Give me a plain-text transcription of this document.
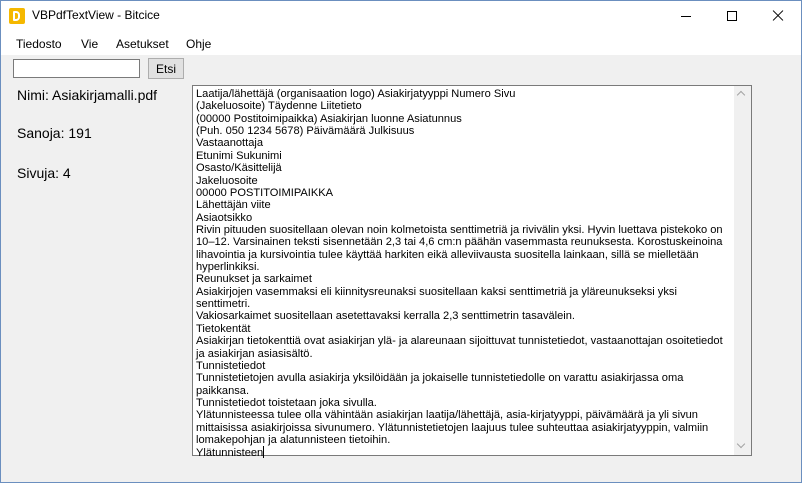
VBPdfTextView - Bitcice
Tiedosto Vie Asetukset Ohje
Etsi
Nimi: Asiakirjamalli.pdf
Sanoja: 191
Sivuja: 4
Laatija/lähettäjä (organisaation logo) Asiakirjatyyppi Numero Sivu
(Jakeluosoite) Täydenne Liitetieto
(00000 Postitoimipaikka) Asiakirjan luonne Asiatunnus
(Puh. 050 1234 5678) Päivämäärä Julkisuus
Vastaanottaja
Etunimi Sukunimi
Osasto/Käsittelijä
Jakeluosoite
00000 POSTITOIMIPAIKKA
Lähettäjän viite
Asiaotsikko
Rivin pituuden suositellaan olevan noin kolmetoista senttimetriä ja rivivälin yksi. Hyvin luettava pistekoko on 10–12. Varsinainen teksti sisennetään 2,3 tai 4,6 cm:n päähän vasemmasta reunuksesta. Korostuskeinoina lihavointia ja kursivointia tulee käyttää harkiten eikä alleviivausta suositella lainkaan, sillä se mielletään hyperlinkiksi.
Reunukset ja sarkaimet
Asiakirjojen vasemmaksi eli kiinnitysreunaksi suositellaan kaksi senttimetriä ja yläreunukseksi yksi senttimetri.
Vakiosarkaimet suositellaan asetettavaksi kerralla 2,3 senttimetrin tasavälein.
Tietokentät
Asiakirjan tietokenttiä ovat asiakirjan ylä- ja alareunaan sijoittuvat tunnistetiedot, vastaanottajan osoitetiedot ja asiakirjan asiasisältö.
Tunnistetiedot
Tunnistetietojen avulla asiakirja yksilöidään ja jokaiselle tunnistetiedolle on varattu asiakirjassa oma paikkansa.
Tunnistetiedot toistetaan joka sivulla.
Ylätunnisteessa tulee olla vähintään asiakirjan laatija/lähettäjä, asia-kirjatyyppi, päivämäärä ja yli sivun mittaisissa asiakirjoissa sivunumero. Ylätunnistetietojen laajuus tulee suhteuttaa asiakirjatyyppin, valmiin lomakepohjan ja alatunnisteen tietoihin.
Ylätunnisteen
